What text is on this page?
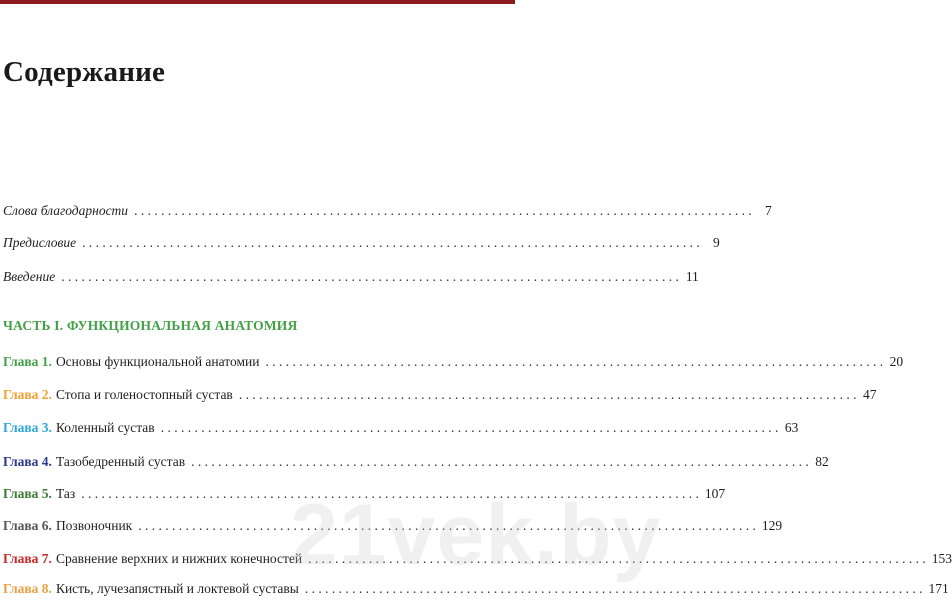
Содержание
Слова благодарности . . .	7
Предисловие . . .	9
Введение . . .	11
ЧАСТЬ I. ФУНКЦИОНАЛЬНАЯ АНАТОМИЯ
Глава 1. Основы функциональной анатомии . . .	20
Глава 2. Стопа и голеностопный сустав . . .	47
Глава 3. Коленный сустав . . .	63
Глава 4. Тазобедренный сустав . . .	82
Глава 5. Таз . . .	107
Глава 6. Позвоночник . . .	129
Глава 7. Сравнение верхних и нижних конечностей . . .	153
Глава 8. Кисть, лучезапястный и локтевой суставы . . .	171
21vek.by
